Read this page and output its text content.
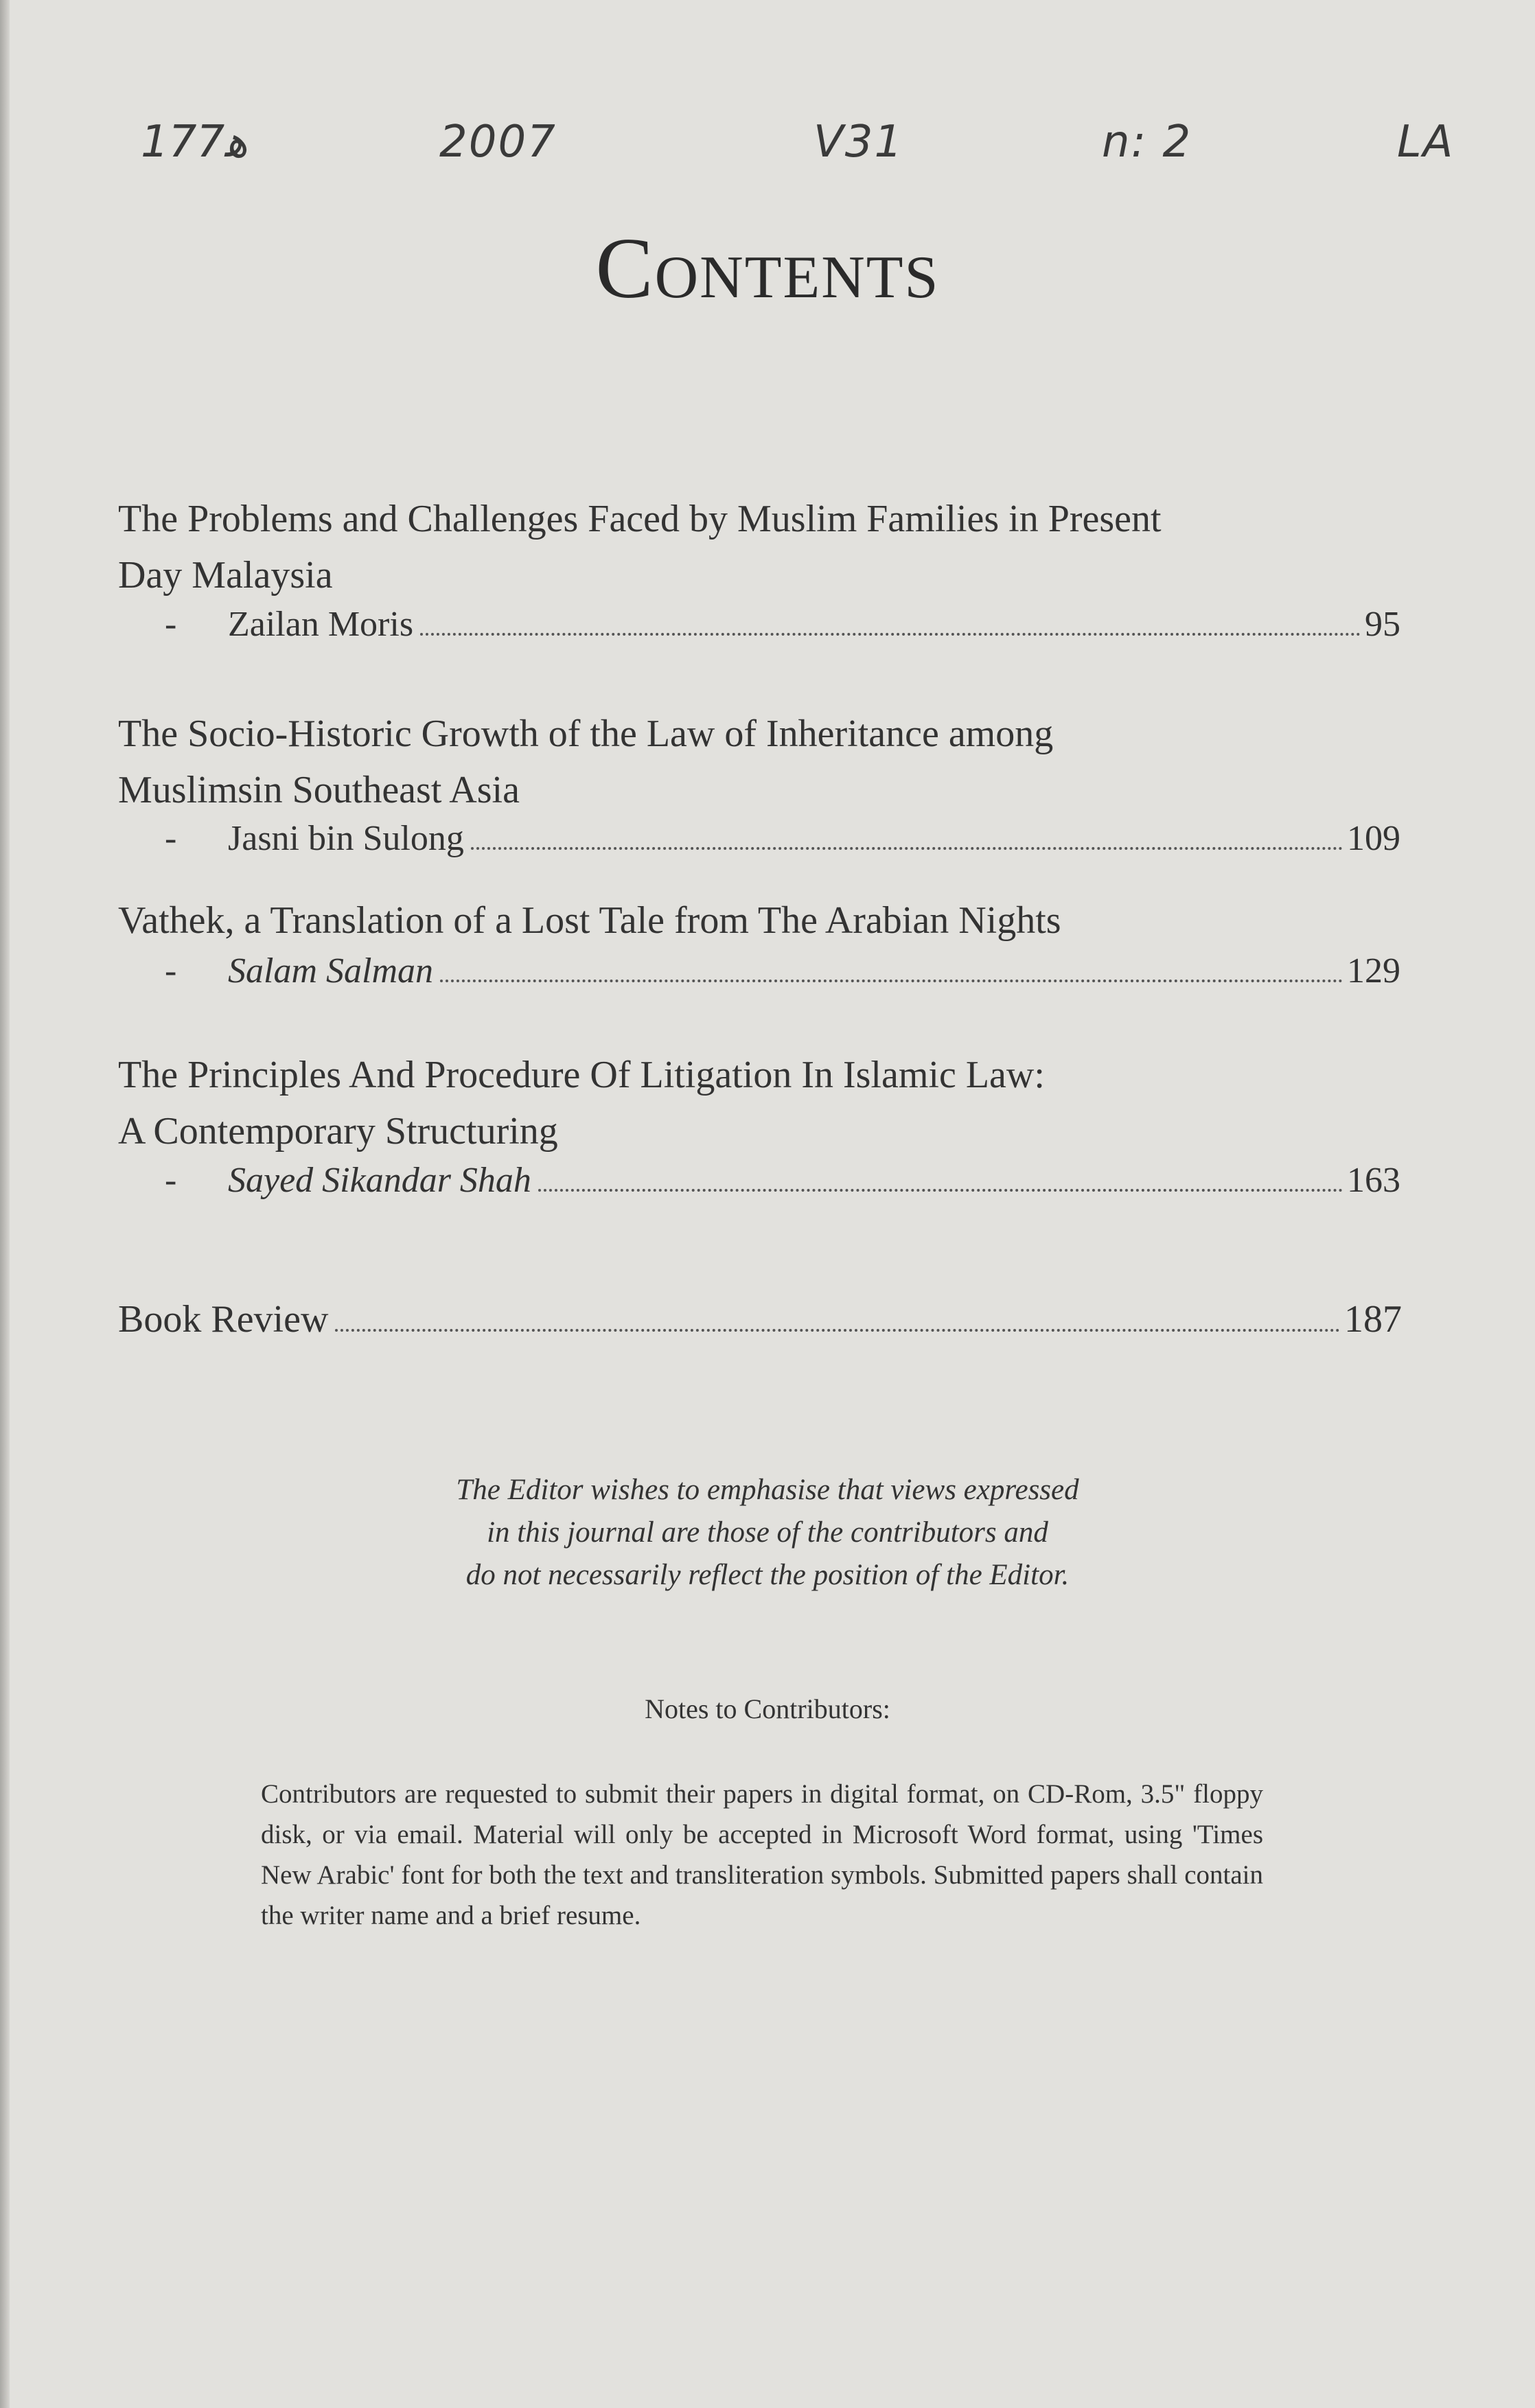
ﻫ177	2007	V31	n: 2	LA
Contents
The Problems and Challenges Faced by Muslim Families in Present
Day Malaysia
-	Zailan Moris	95
The Socio-Historic Growth of the Law of Inheritance among
Muslimsin Southeast Asia
-	Jasni bin Sulong	109
Vathek, a Translation of a Lost Tale from The Arabian Nights
-	Salam Salman	129
The Principles And Procedure Of Litigation In Islamic Law:
A Contemporary Structuring
-	Sayed Sikandar Shah	163
Book Review	187
The Editor wishes to emphasise that views expressed
in this journal are those of the contributors and
do not necessarily reflect the position of the Editor.
Notes to Contributors:
Contributors are requested to submit their papers in digital format, on CD-Rom, 3.5" floppy disk, or via email. Material will only be accepted in Microsoft Word format, using 'Times New Arabic' font for both the text and transliteration symbols. Submitted papers shall contain the writer name and a brief resume.
